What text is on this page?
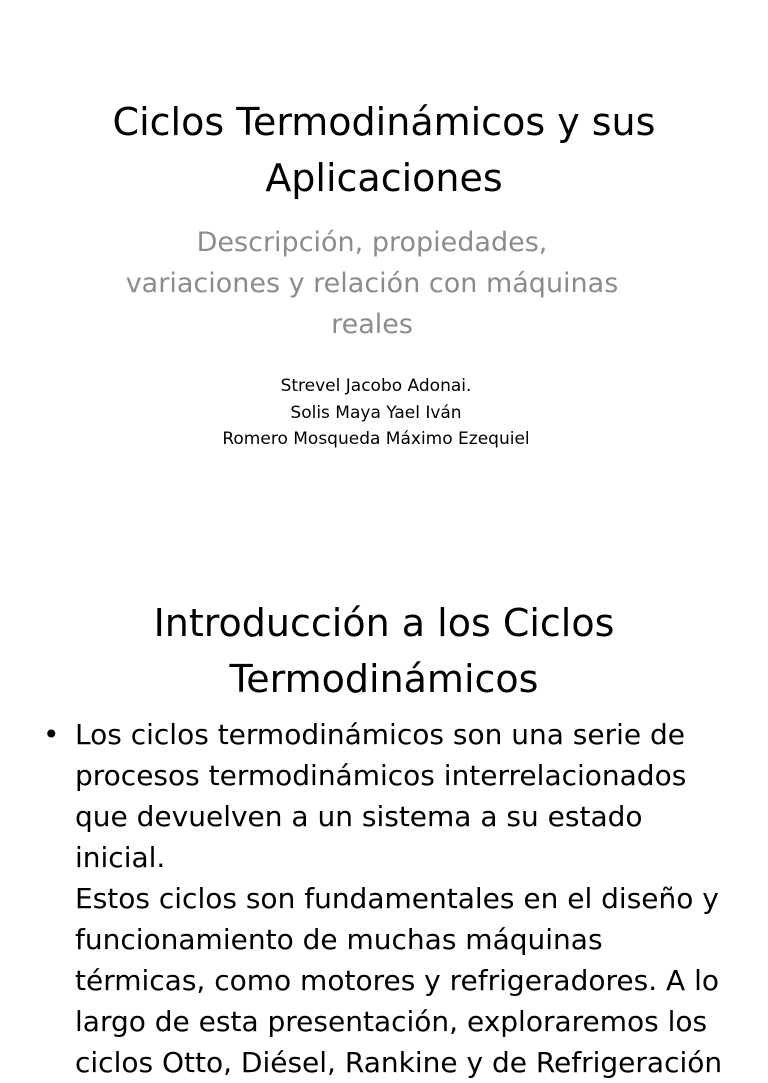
Ciclos Termodinámicos y sus
Aplicaciones
Descripción, propiedades,
variaciones y relación con máquinas
reales
Strevel Jacobo Adonai.
Solis Maya Yael Iván
Romero Mosqueda Máximo Ezequiel
Introducción a los Ciclos
Termodinámicos
• Los ciclos termodinámicos son una serie de
procesos termodinámicos interrelacionados
que devuelven a un sistema a su estado inicial.
Estos ciclos son fundamentales en el diseño y
funcionamiento de muchas máquinas
térmicas, como motores y refrigeradores. A lo
largo de esta presentación, exploraremos los
ciclos Otto, Diésel, Rankine y de Refrigeración
